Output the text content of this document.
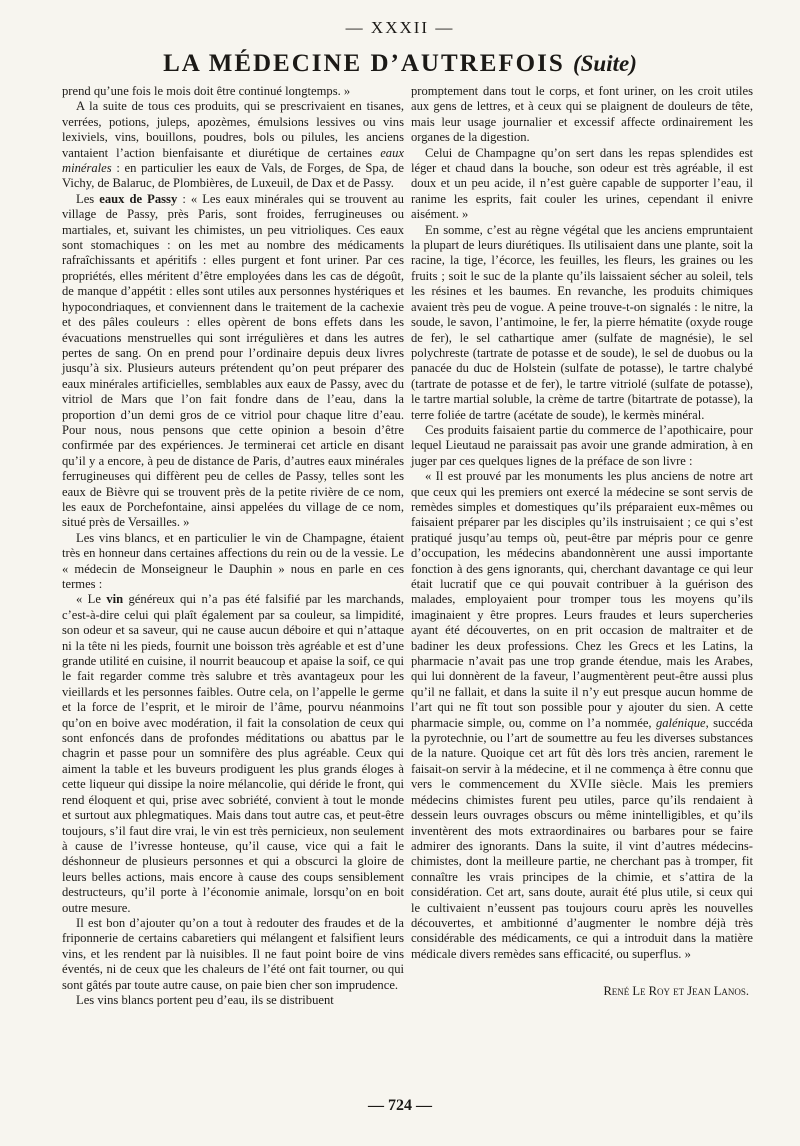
— XXXII —
LA MÉDECINE D’AUTREFOIS (Suite)

prend qu’une fois le mois doit être continué longtemps. »

A la suite de tous ces produits, qui se prescrivaient en tisanes, verrées, potions, juleps, apozèmes, émulsions lessives ou vins lexiviels, vins, bouillons, poudres, bols ou pilules, les anciens vantaient l’action bienfaisante et diurétique de certaines eaux minérales : en particulier les eaux de Vals, de Forges, de Spa, de Vichy, de Balaruc, de Plombières, de Luxeuil, de Dax et de Passy.

Les eaux de Passy : « Les eaux minérales qui se trouvent au village de Passy, près Paris, sont froides, ferrugineuses ou martiales, et, suivant les chimistes, un peu vitrioliques. Ces eaux sont stomachiques : on les met au nombre des médicaments rafraîchissants et apéritifs : elles purgent et font uriner. Par ces propriétés, elles méritent d’être employées dans les cas de dégoût, de manque d’appétit : elles sont utiles aux personnes hystériques et hypocondriaques, et conviennent dans le traitement de la cachexie et des pâles couleurs : elles opèrent de bons effets dans les évacuations menstruelles qui sont irrégulières et dans les autres pertes de sang. On en prend pour l’ordinaire depuis deux livres jusqu’à six. Plusieurs auteurs prétendent qu’on peut préparer des eaux minérales artificielles, semblables aux eaux de Passy, avec du vitriol de Mars que l’on fait fondre dans de l’eau, dans la proportion d’un demi gros de ce vitriol pour chaque litre d’eau. Pour nous, nous pensons que cette opinion a besoin d’être confirmée par des expériences. Je terminerai cet article en disant qu’il y a encore, à peu de distance de Paris, d’autres eaux minérales ferrugineuses qui diffèrent peu de celles de Passy, telles sont les eaux de Bièvre qui se trouvent près de la petite rivière de ce nom, les eaux de Porchefontaine, ainsi appelées du village de ce nom, situé près de Versailles. »

Les vins blancs, et en particulier le vin de Champagne, étaient très en honneur dans certaines affections du rein ou de la vessie. Le « médecin de Monseigneur le Dauphin » nous en parle en ces termes :

« Le vin généreux qui n’a pas été falsifié par les marchands, c’est-à-dire celui qui plaît également par sa couleur, sa limpidité, son odeur et sa saveur, qui ne cause aucun déboire et qui n’attaque ni la tête ni les pieds, fournit une boisson très agréable et est d’une grande utilité en cuisine, il nourrit beaucoup et apaise la soif, ce qui le fait regarder comme très salubre et très avantageux pour les vieillards et les personnes faibles. Outre cela, on l’appelle le germe et la force de l’esprit, et le miroir de l’âme, pourvu néanmoins qu’on en boive avec modération, il fait la consolation de ceux qui sont enfoncés dans de profondes méditations ou abattus par le chagrin et passe pour un somnifère des plus agréable. Ceux qui aiment la table et les buveurs prodiguent les plus grands éloges à cette liqueur qui dissipe la noire mélancolie, qui déride le front, qui rend éloquent et qui, prise avec sobriété, convient à tout le monde et surtout aux phlegmatiques. Mais dans tout autre cas, et peut-être toujours, s’il faut dire vrai, le vin est très pernicieux, non seulement à cause de l’ivresse honteuse, qu’il cause, vice qui a fait le déshonneur de plusieurs personnes et qui a obscurci la gloire de leurs belles actions, mais encore à cause des coups sensiblement destructeurs, qu’il porte à l’économie animale, lorsqu’on en boit outre mesure.

Il est bon d’ajouter qu’on a tout à redouter des fraudes et de la friponnerie de certains cabaretiers qui mélangent et falsifient leurs vins, et les rendent par là nuisibles. Il ne faut point boire de vins éventés, ni de ceux que les chaleurs de l’été ont fait tourner, ou qui sont gâtés par toute autre cause, on paie bien cher son imprudence.

Les vins blancs portent peu d’eau, ils se distribuent

promptement dans tout le corps, et font uriner, on les croit utiles aux gens de lettres, et à ceux qui se plaignent de douleurs de tête, mais leur usage journalier et excessif affecte ordinairement les organes de la digestion.

Celui de Champagne qu’on sert dans les repas splendides est léger et chaud dans la bouche, son odeur est très agréable, il est doux et un peu acide, il n’est guère capable de supporter l’eau, il ranime les esprits, fait couler les urines, cependant il enivre aisément. »

En somme, c’est au règne végétal que les anciens empruntaient la plupart de leurs diurétiques. Ils utilisaient dans une plante, soit la racine, la tige, l’écorce, les feuilles, les fleurs, les graines ou les fruits ; soit le suc de la plante qu’ils laissaient sécher au soleil, tels les résines et les baumes. En revanche, les produits chimiques avaient très peu de vogue. A peine trouve-t-on signalés : le nitre, la soude, le savon, l’antimoine, le fer, la pierre hématite (oxyde rouge de fer), le sel cathartique amer (sulfate de magnésie), le sel polychreste (tartrate de potasse et de soude), le sel de duobus ou la panacée du duc de Holstein (sulfate de potasse), le tartre chalybé (tartrate de potasse et de fer), le tartre vitriolé (sulfate de potasse), le tartre martial soluble, la crème de tartre (bitartrate de potasse), la terre foliée de tartre (acétate de soude), le kermès minéral.

Ces produits faisaient partie du commerce de l’apothicaire, pour lequel Lieutaud ne paraissait pas avoir une grande admiration, à en juger par ces quelques lignes de la préface de son livre :

« Il est prouvé par les monuments les plus anciens de notre art que ceux qui les premiers ont exercé la médecine se sont servis de remèdes simples et domestiques qu’ils préparaient eux-mêmes ou faisaient préparer par les disciples qu’ils instruisaient ; ce qui s’est pratiqué jusqu’au temps où, peut-être par mépris pour ce genre d’occupation, les médecins abandonnèrent une aussi importante fonction à des gens ignorants, qui, cherchant davantage ce qui leur était lucratif que ce qui pouvait contribuer à la guérison des malades, employaient pour tromper tous les moyens qu’ils imaginaient y être propres. Leurs fraudes et leurs supercheries ayant été découvertes, on en prit occasion de maltraiter et de badiner les deux professions. Chez les Grecs et les Latins, la pharmacie n’avait pas une trop grande étendue, mais les Arabes, qui lui donnèrent de la faveur, l’augmentèrent peut-être aussi plus qu’il ne fallait, et dans la suite il n’y eut presque aucun homme de l’art qui ne fît tout son possible pour y ajouter du sien. A cette pharmacie simple, ou, comme on l’a nommée, galénique, succéda la pyrotechnie, ou l’art de soumettre au feu les diverses substances de la nature. Quoique cet art fût dès lors très ancien, rarement le faisait-on servir à la médecine, et il ne commença à être connu que vers le commencement du XVIIe siècle. Mais les premiers médecins chimistes furent peu utiles, parce qu’ils rendaient à dessein leurs ouvrages obscurs ou même inintelligibles, et qu’ils inventèrent des mots extraordinaires ou barbares pour se faire admirer des ignorants. Dans la suite, il vint d’autres médecins-chimistes, dont la meilleure partie, ne cherchant pas à tromper, fit connaître les vrais principes de la chimie, et s’attira de la considération. Cet art, sans doute, aurait été plus utile, si ceux qui le cultivaient n’eussent pas toujours couru après les nouvelles découvertes, et ambitionné d’augmenter le nombre déjà très considérable des médicaments, ce qui a introduit dans la matière médicale divers remèdes sans efficacité, ou superflus. »

René Le Roy et Jean Lanos.
— 724 —
